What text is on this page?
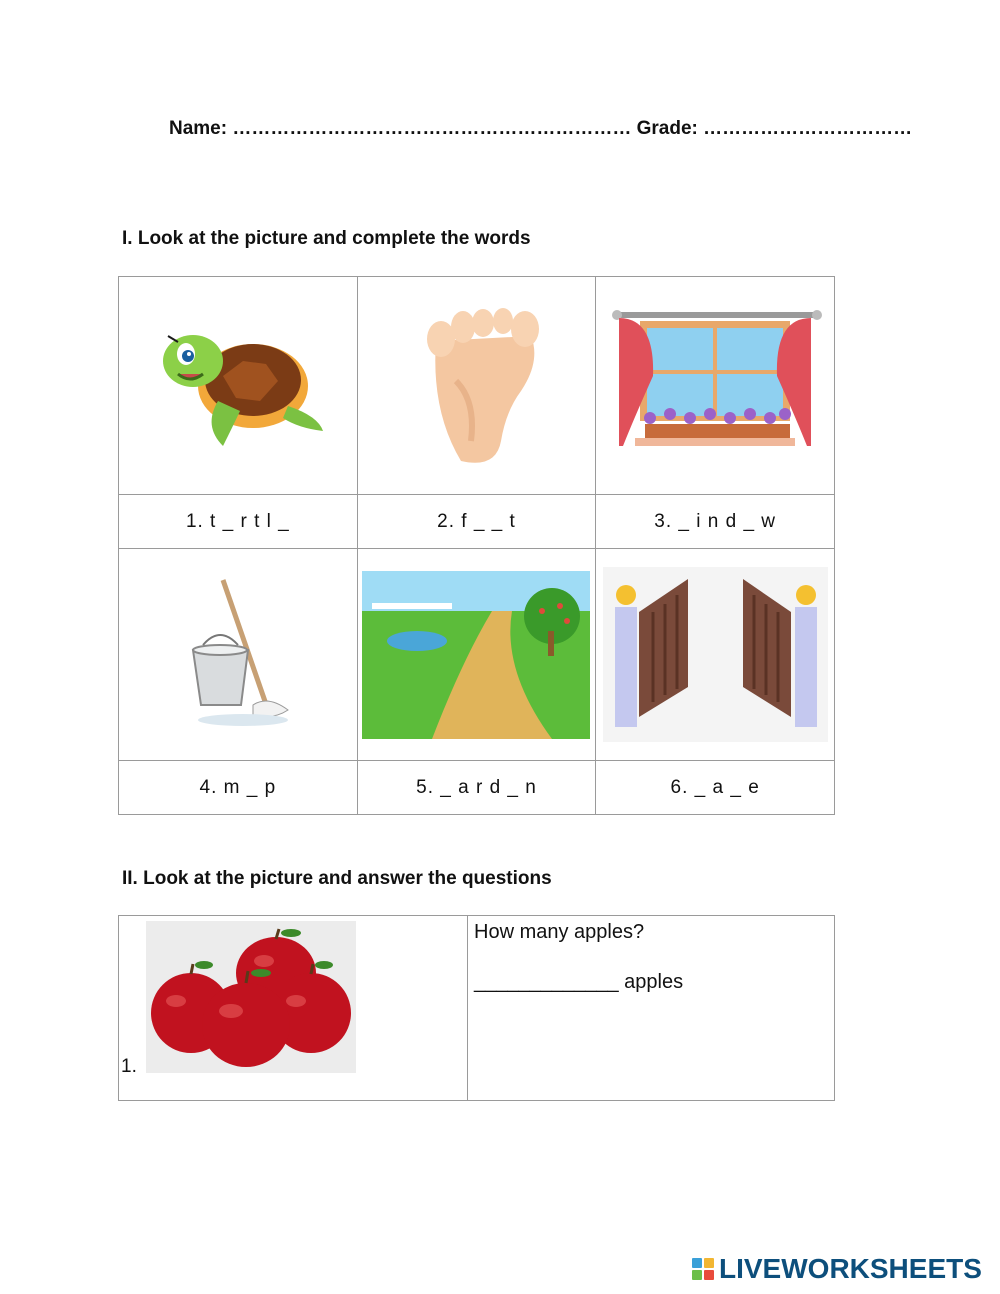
Name: ……………………………………………………… Grade: ……………………………
I. Look at the picture and complete the words

1. t _ r t l _	2. f _ _ t	3. _ i n d _ w

4. m _ p	5. _ a r d _ n	6. _ a _ e
II. Look at the picture and answer the questions
1.

How many apples?
_____________ apples
LIVEWORKSHEETS
